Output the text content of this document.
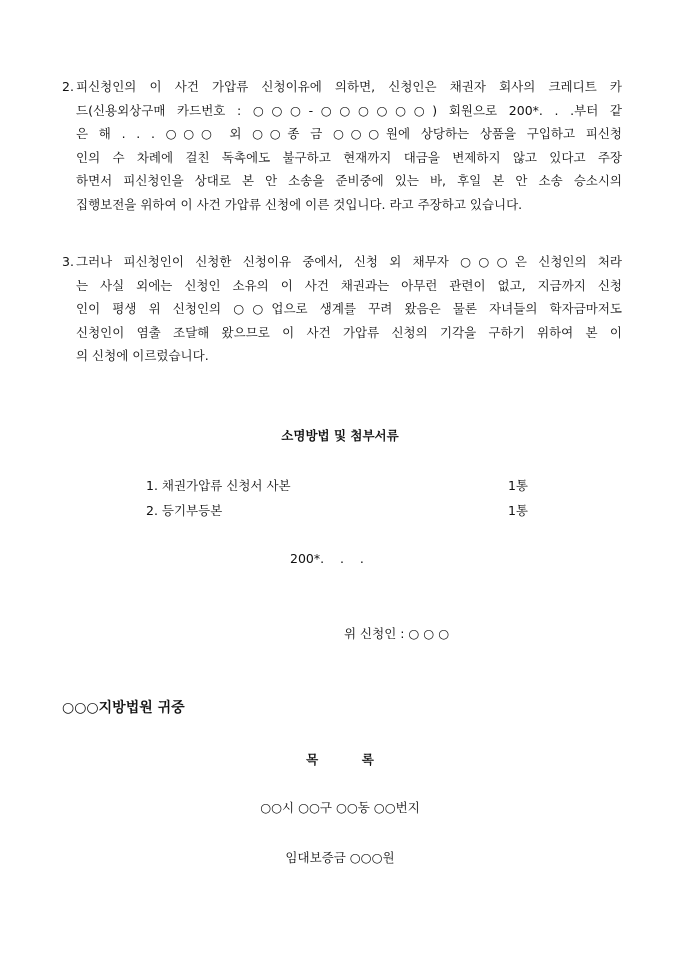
2. 피신청인의 이 사건 가압류 신청이유에 의하면, 신청인은 채권자 회사의 크레디트 카
드(신용외상구매 카드번호 : ○○○-○○○○○○) 회원으로 200*. . .부터 같
은 해 . . . ○○○ 외 ○○종 금 ○○○원에 상당하는 상품을 구입하고 피신청
인의 수 차례에 걸친 독촉에도 불구하고 현재까지 대금을 변제하지 않고 있다고 주장
하면서 피신청인을 상대로 본 안 소송을 준비중에 있는 바, 후일 본 안 소송 승소시의
집행보전을 위하여 이 사건 가압류 신청에 이른 것입니다. 라고 주장하고 있습니다.
3. 그러나 피신청인이 신청한 신청이유 중에서, 신청 외 채무자 ○○○은 신청인의 처라
는 사실 외에는 신청인 소유의 이 사건 채권과는 아무런 관련이 없고, 지금까지 신청
인이 평생 위 신청인의 ○○업으로 생계를 꾸려 왔음은 물론 자녀들의 학자금마저도
신청인이 염출 조달해 왔으므로 이 사건 가압류 신청의 기각을 구하기 위하여 본 이
의 신청에 이르렀습니다.
소명방법 및 첨부서류
1. 채권가압류 신청서 사본	1통
2. 등기부등본	1통
200*.    .    .
위 신청인 : ○ ○ ○
○○○지방법원 귀중
목          록
○○시 ○○구 ○○동 ○○번지
임대보증금 ○○○원
